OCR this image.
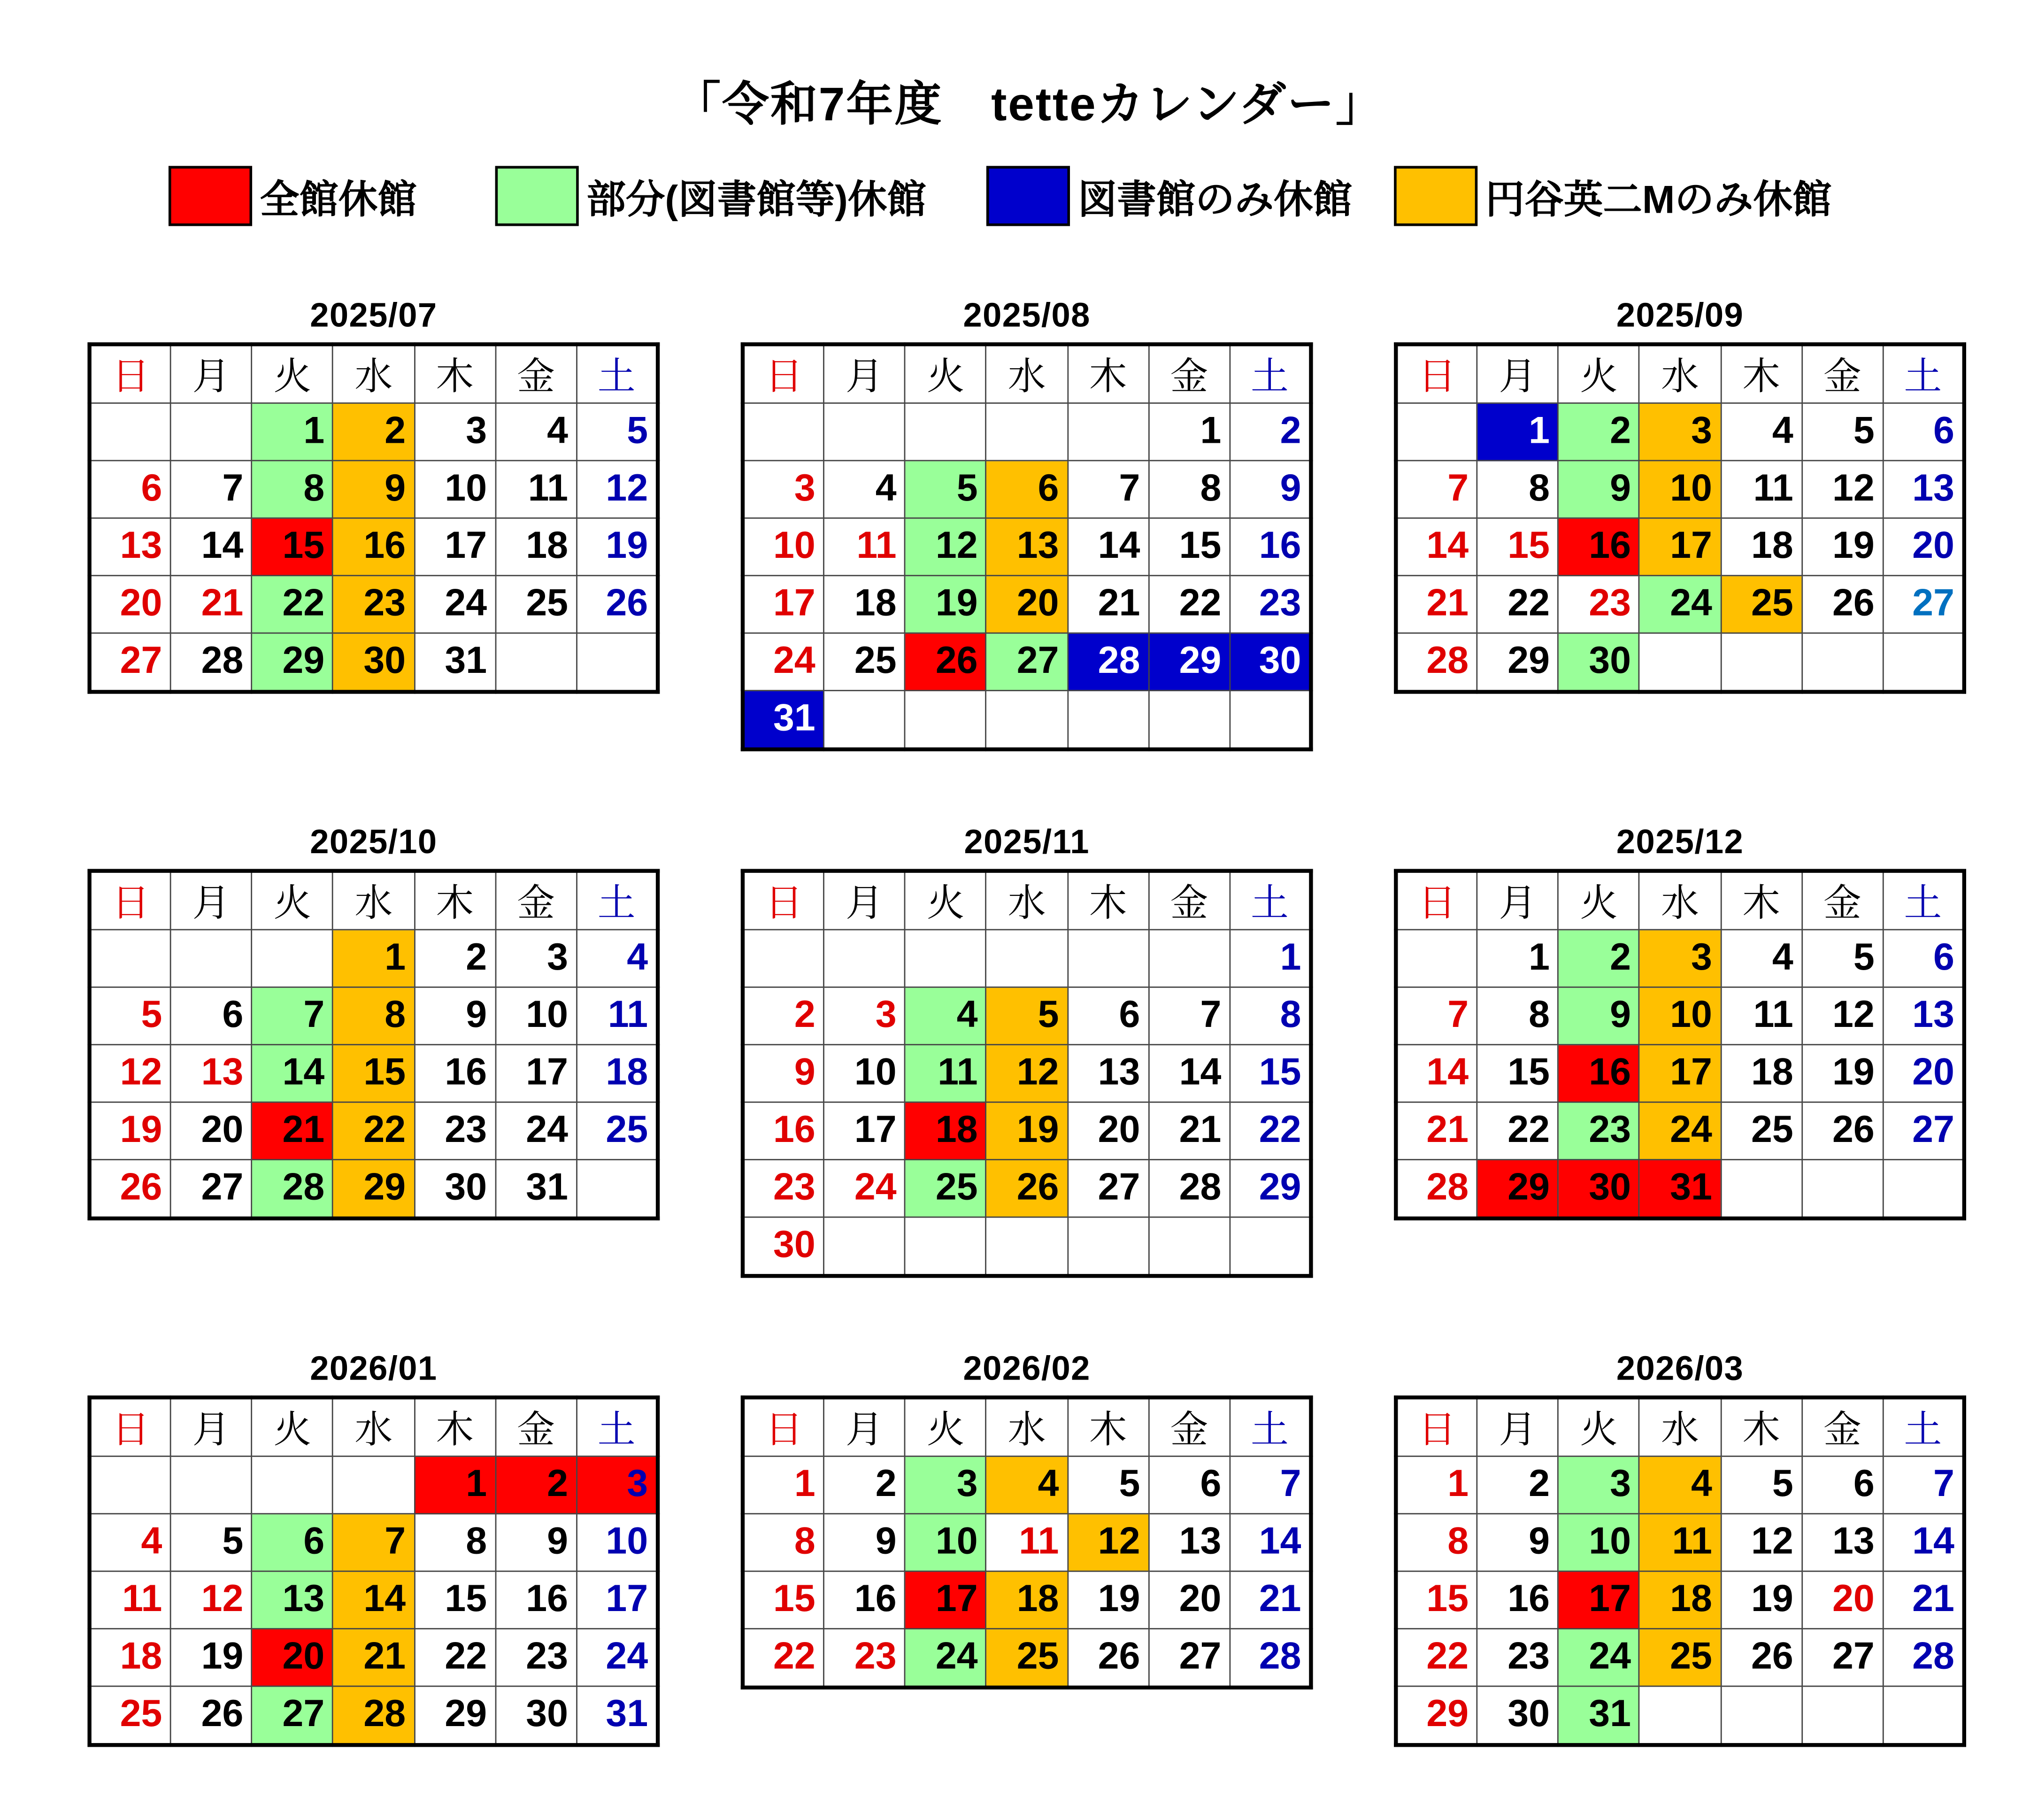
「令和7年度　tetteカレンダー」
全館休館	部分(図書館等)休館	図書館のみ休館	円谷英二Mのみ休館
2025/07
日	月	火	水	木	金	土
		1	2	3	4	5
6	7	8	9	10	11	12
13	14	15	16	17	18	19
20	21	22	23	24	25	26
27	28	29	30	31		
2025/08
日	月	火	水	木	金	土
					1	2
3	4	5	6	7	8	9
10	11	12	13	14	15	16
17	18	19	20	21	22	23
24	25	26	27	28	29	30
31						
2025/09
日	月	火	水	木	金	土
	1	2	3	4	5	6
7	8	9	10	11	12	13
14	15	16	17	18	19	20
21	22	23	24	25	26	27
28	29	30				
2025/10
日	月	火	水	木	金	土
			1	2	3	4
5	6	7	8	9	10	11
12	13	14	15	16	17	18
19	20	21	22	23	24	25
26	27	28	29	30	31	
2025/11
日	月	火	水	木	金	土
						1
2	3	4	5	6	7	8
9	10	11	12	13	14	15
16	17	18	19	20	21	22
23	24	25	26	27	28	29
30						
2025/12
日	月	火	水	木	金	土
	1	2	3	4	5	6
7	8	9	10	11	12	13
14	15	16	17	18	19	20
21	22	23	24	25	26	27
28	29	30	31			
2026/01
日	月	火	水	木	金	土
				1	2	3
4	5	6	7	8	9	10
11	12	13	14	15	16	17
18	19	20	21	22	23	24
25	26	27	28	29	30	31
2026/02
日	月	火	水	木	金	土
1	2	3	4	5	6	7
8	9	10	11	12	13	14
15	16	17	18	19	20	21
22	23	24	25	26	27	28
2026/03
日	月	火	水	木	金	土
1	2	3	4	5	6	7
8	9	10	11	12	13	14
15	16	17	18	19	20	21
22	23	24	25	26	27	28
29	30	31				
